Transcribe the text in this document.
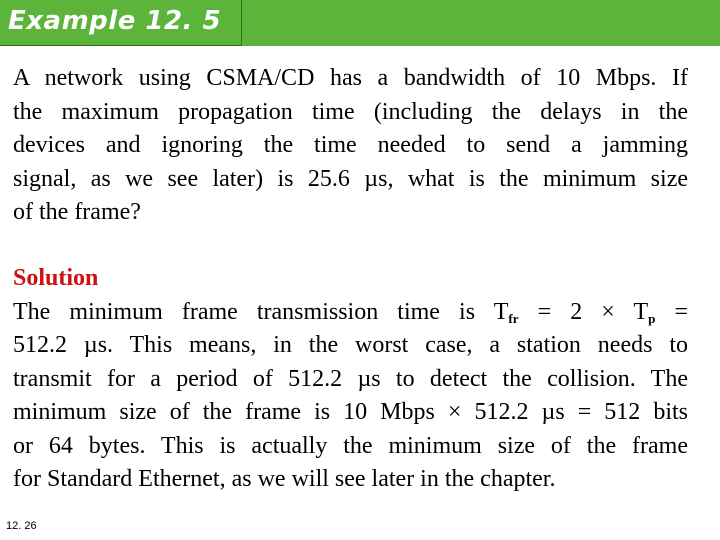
Example 12. 5
A network using CSMA/CD has a bandwidth of 10 Mbps. If
the maximum propagation time (including the delays in the
devices and ignoring the time needed to send a jamming
signal, as we see later) is 25.6 µs, what is the minimum size
of the frame?
Solution
The minimum frame transmission time is $T_{fr} = 2 \times T_p$ =
512.2 µs. This means, in the worst case, a station needs to
transmit for a period of 512.2 µs to detect the collision. The
minimum size of the frame is 10 Mbps × 512.2 µs = 512 bits
or 64 bytes. This is actually the minimum size of the frame
for Standard Ethernet, as we will see later in the chapter.
12. 26
